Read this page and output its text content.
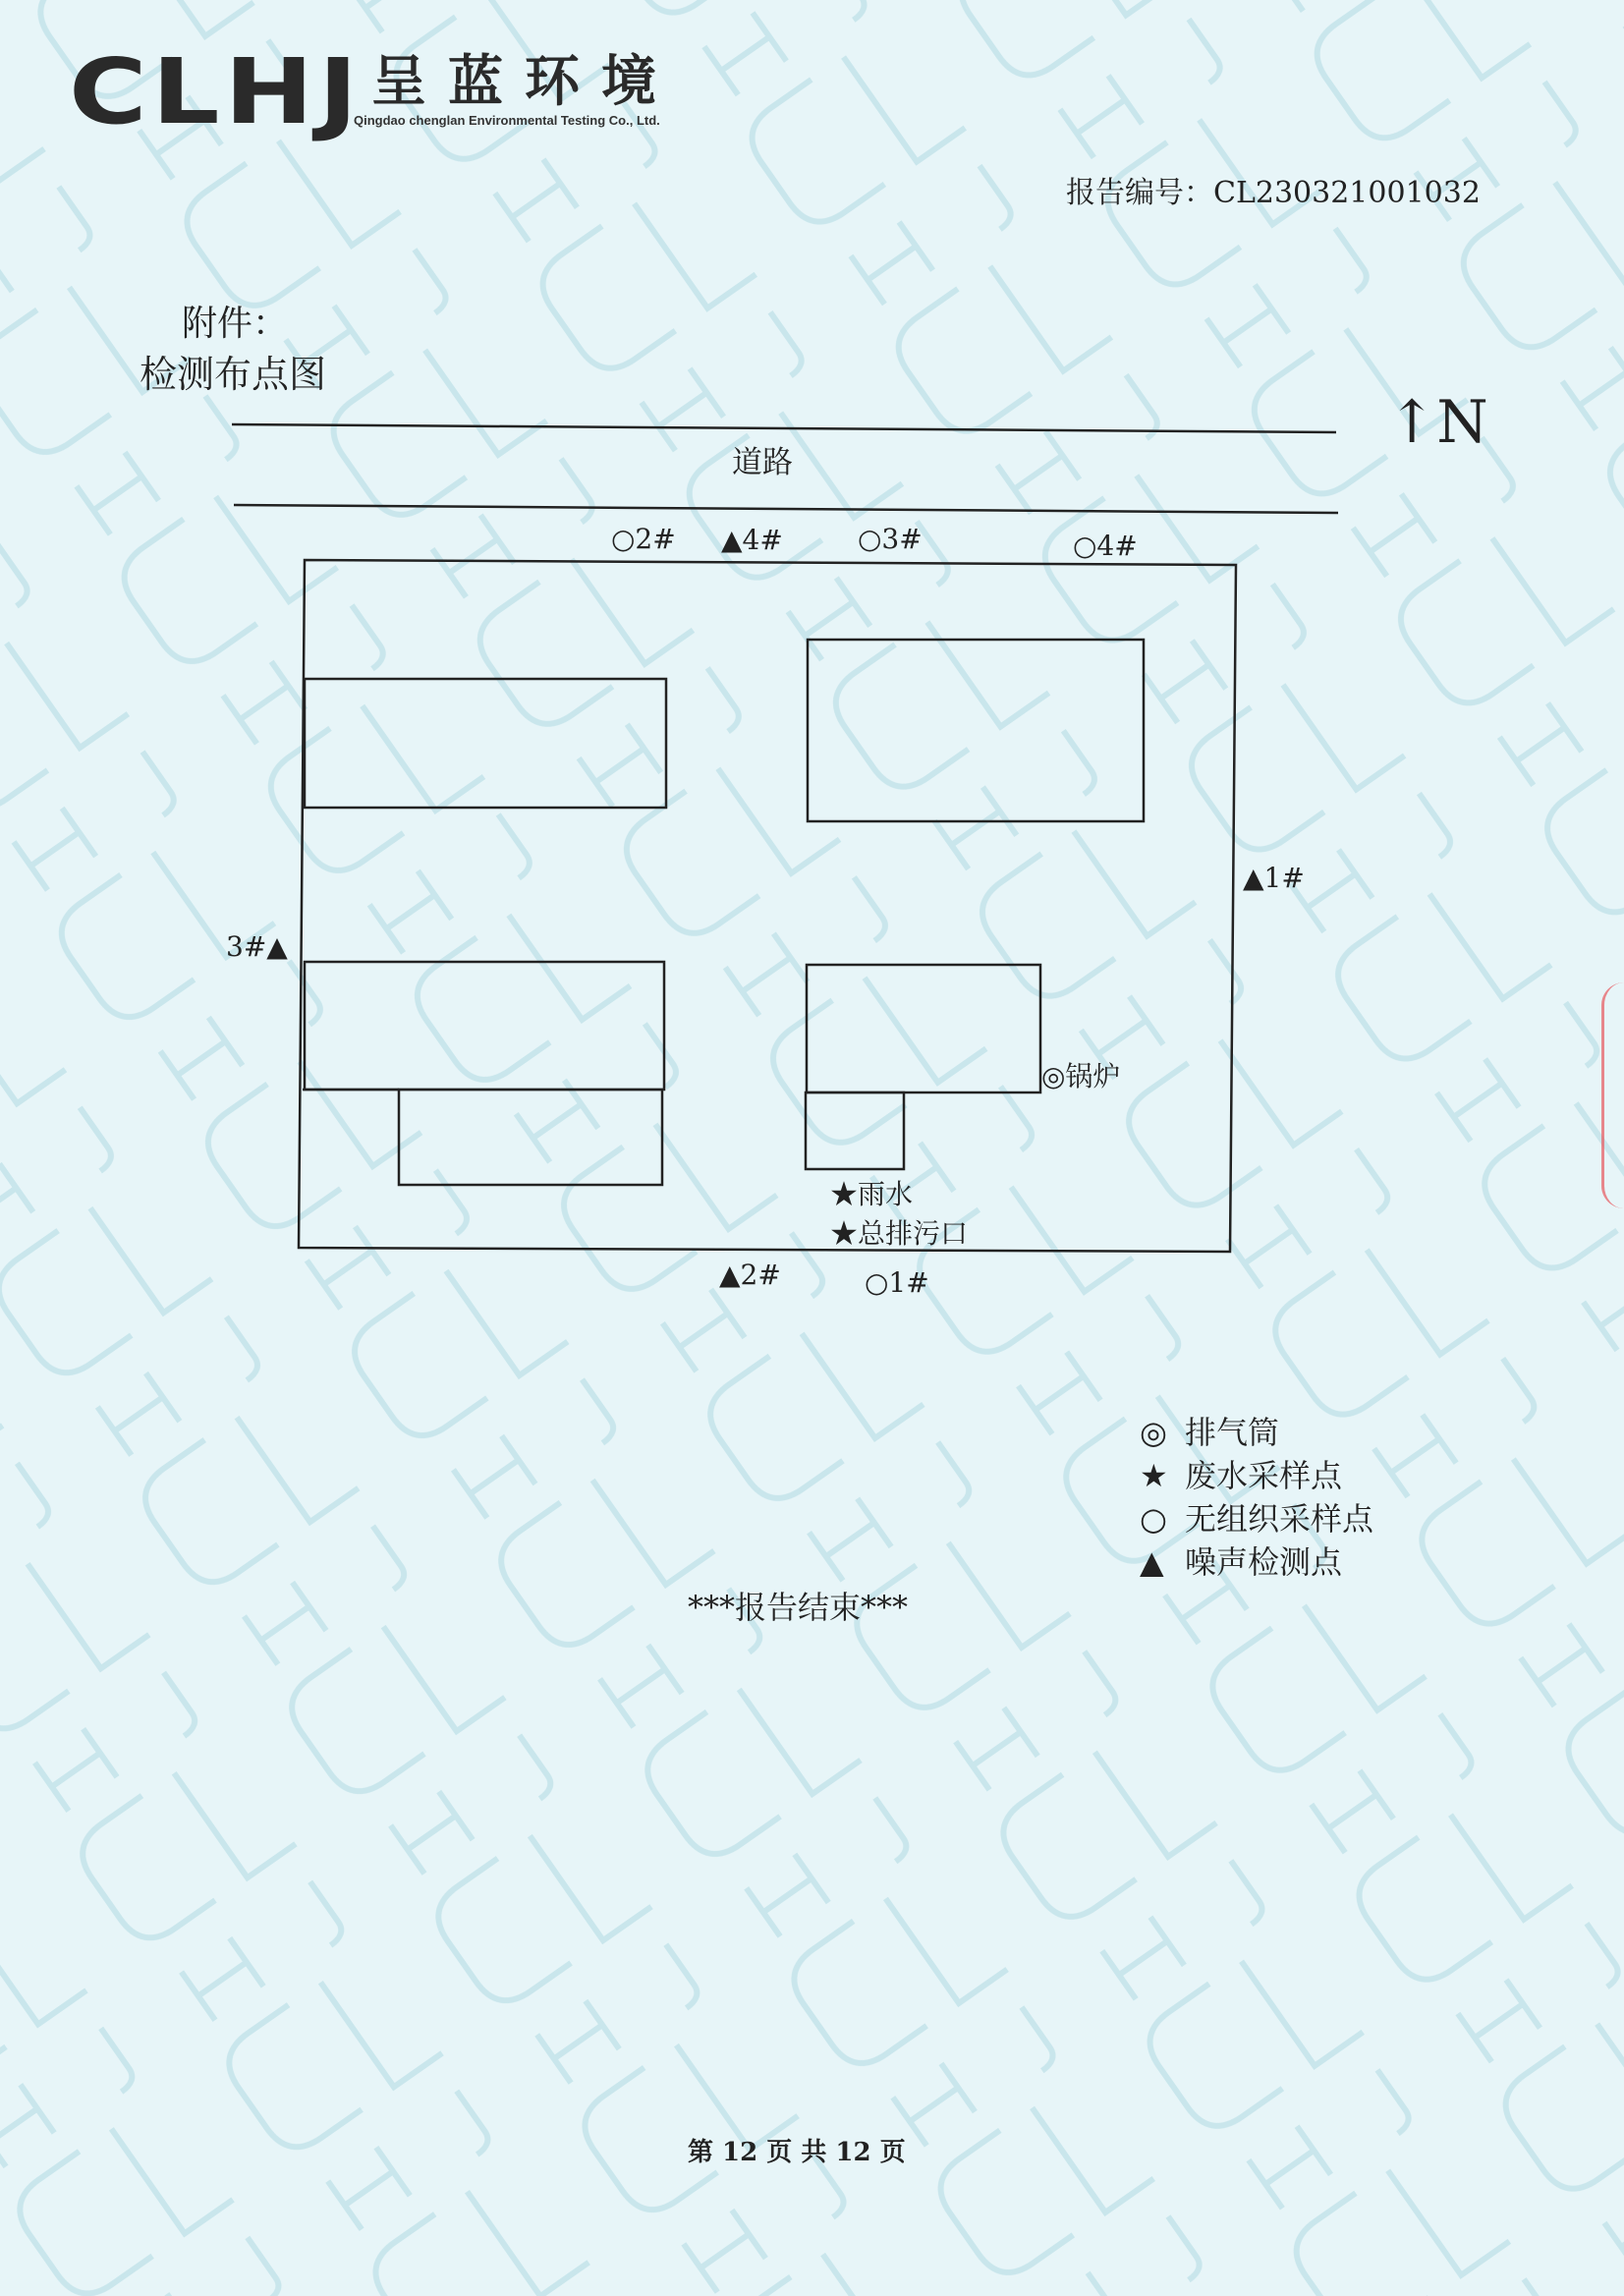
CLHJ 呈蓝环境
Qingdao chenglan Environmental Testing Co., Ltd.
报告编号：CL230321001032
附件：
检测布点图
道路
↑N
○2# ▲4#	○3#	○4#
▲1#
3#▲
◎锅炉
★雨水
★总排污口
▲2#	○1#
◎ 排气筒
★ 废水采样点
○ 无组织采样点
▲ 噪声检测点
***报告结束***
第 12 页 共 12 页
